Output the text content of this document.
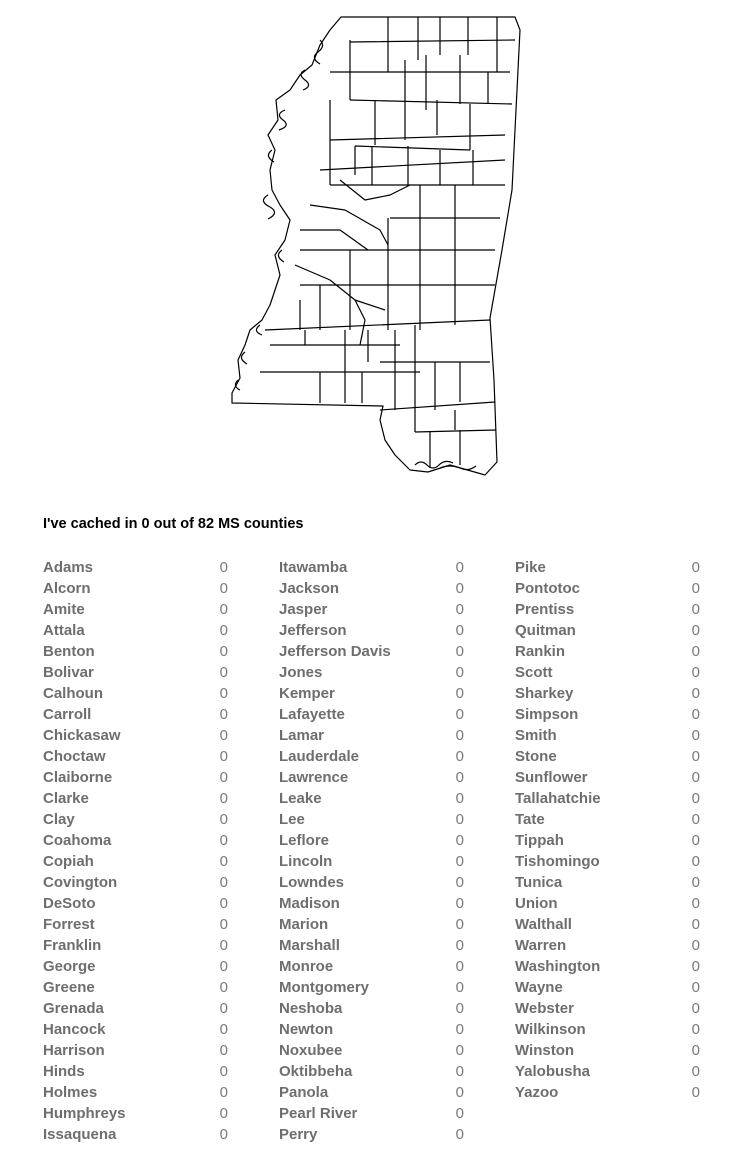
I've cached in 0 out of 82 MS counties
Adams	0
Alcorn	0
Amite	0
Attala	0
Benton	0
Bolivar	0
Calhoun	0
Carroll	0
Chickasaw	0
Choctaw	0
Claiborne	0
Clarke	0
Clay	0
Coahoma	0
Copiah	0
Covington	0
DeSoto	0
Forrest	0
Franklin	0
George	0
Greene	0
Grenada	0
Hancock	0
Harrison	0
Hinds	0
Holmes	0
Humphreys	0
Issaquena	0
Itawamba	0
Jackson	0
Jasper	0
Jefferson	0
Jefferson Davis	0
Jones	0
Kemper	0
Lafayette	0
Lamar	0
Lauderdale	0
Lawrence	0
Leake	0
Lee	0
Leflore	0
Lincoln	0
Lowndes	0
Madison	0
Marion	0
Marshall	0
Monroe	0
Montgomery	0
Neshoba	0
Newton	0
Noxubee	0
Oktibbeha	0
Panola	0
Pearl River	0
Perry	0
Pike	0
Pontotoc	0
Prentiss	0
Quitman	0
Rankin	0
Scott	0
Sharkey	0
Simpson	0
Smith	0
Stone	0
Sunflower	0
Tallahatchie	0
Tate	0
Tippah	0
Tishomingo	0
Tunica	0
Union	0
Walthall	0
Warren	0
Washington	0
Wayne	0
Webster	0
Wilkinson	0
Winston	0
Yalobusha	0
Yazoo	0
